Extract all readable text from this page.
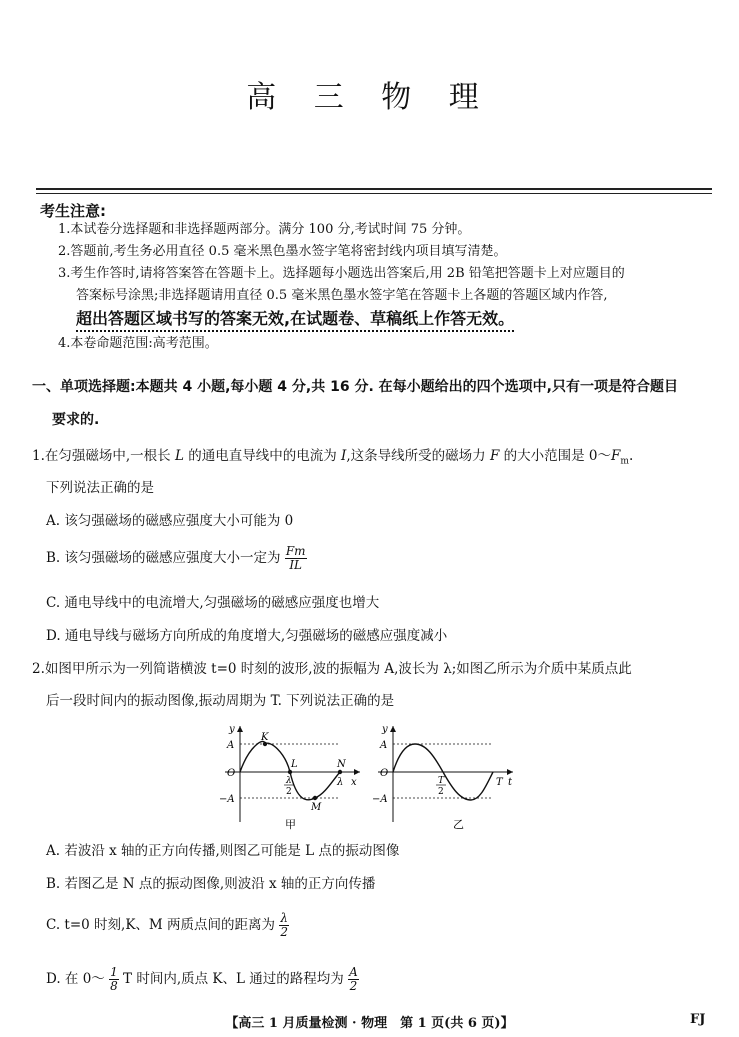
高 三 物 理
考生注意:
1.本试卷分选择题和非选择题两部分。满分 100 分,考试时间 75 分钟。
2.答题前,考生务必用直径 0.5 毫米黑色墨水签字笔将密封线内项目填写清楚。
3.考生作答时,请将答案答在答题卡上。选择题每小题选出答案后,用 2B 铅笔把答题卡上对应题目的
答案标号涂黑;非选择题请用直径 0.5 毫米黑色墨水签字笔在答题卡上各题的答题区域内作答,
超出答题区域书写的答案无效,在试题卷、草稿纸上作答无效。
4.本卷命题范围:高考范围。
一、单项选择题:本题共 4 小题,每小题 4 分,共 16 分. 在每小题给出的四个选项中,只有一项是符合题目
要求的.
1.在匀强磁场中,一根长 L 的通电直导线中的电流为 I,这条导线所受的磁场力 F 的大小范围是 $0\sim F_m$.
下列说法正确的是
A. 该匀强磁场的磁感应强度大小可能为 0
B. 该匀强磁场的磁感应强度大小一定为 $\frac{Fm}{IL}$
C. 通电导线中的电流增大,匀强磁场的磁感应强度也增大
D. 通电导线与磁场方向所成的角度增大,匀强磁场的磁感应强度减小
2.如图甲所示为一列简谐横波 t=0 时刻的波形,波的振幅为 A,波长为 λ;如图乙所示为介质中某质点此
后一段时间内的振动图像,振动周期为 T. 下列说法正确的是
y
A
O
−A
K
L	N
M
λ x
λ
2
甲
y
A
O
−A
T
2
T t
乙
A. 若波沿 x 轴的正方向传播,则图乙可能是 L 点的振动图像
B. 若图乙是 N 点的振动图像,则波沿 x 轴的正方向传播
C. t=0 时刻,K、M 两质点间的距离为 $\frac{\lambda}{2}$
D. 在 0～ $\frac{1}{8}$ T 时间内,质点 K、L 通过的路程均为 $\frac{A}{2}$
【高三 1 月质量检测 · 物理　第 1 页(共 6 页)】	FJ
